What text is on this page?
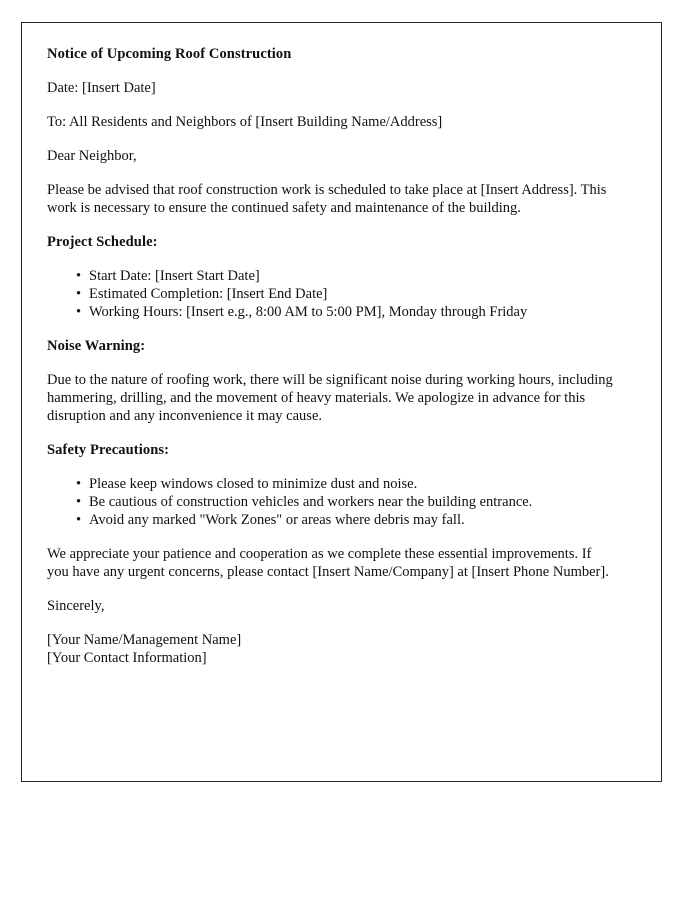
Notice of Upcoming Roof Construction

Date: [Insert Date]

To: All Residents and Neighbors of [Insert Building Name/Address]

Dear Neighbor,

Please be advised that roof construction work is scheduled to take place at [Insert Address]. This work is necessary to ensure the continued safety and maintenance of the building.

Project Schedule:

• Start Date: [Insert Start Date]
• Estimated Completion: [Insert End Date]
• Working Hours: [Insert e.g., 8:00 AM to 5:00 PM], Monday through Friday

Noise Warning:

Due to the nature of roofing work, there will be significant noise during working hours, including hammering, drilling, and the movement of heavy materials. We apologize in advance for this disruption and any inconvenience it may cause.

Safety Precautions:

• Please keep windows closed to minimize dust and noise.
• Be cautious of construction vehicles and workers near the building entrance.
• Avoid any marked "Work Zones" or areas where debris may fall.

We appreciate your patience and cooperation as we complete these essential improvements. If you have any urgent concerns, please contact [Insert Name/Company] at [Insert Phone Number].

Sincerely,

[Your Name/Management Name]
[Your Contact Information]
